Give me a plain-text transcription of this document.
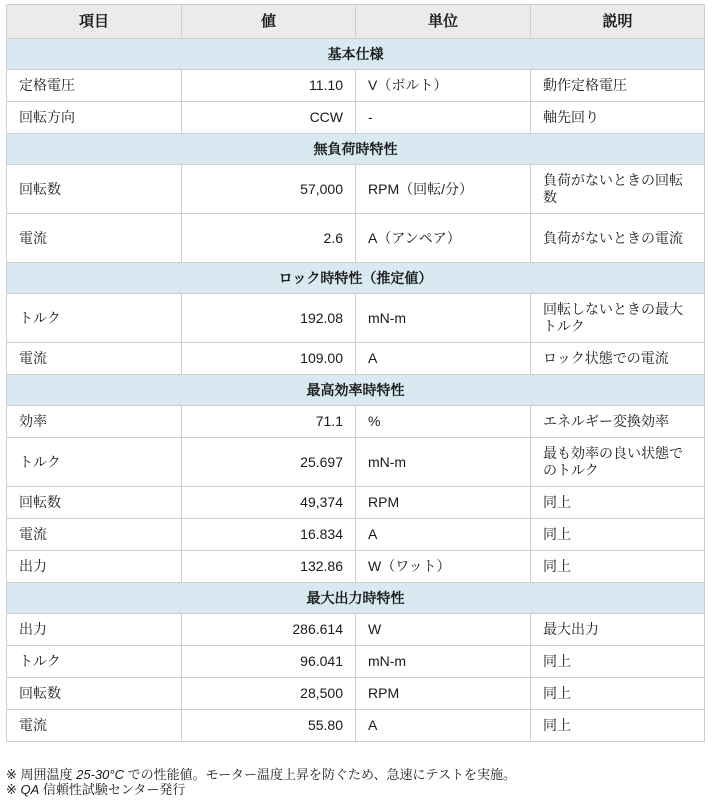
項目	値	単位	説明
基本仕様			
定格電圧	11.10	V（ボルト）	動作定格電圧
回転方向	CCW	-	軸先回り
無負荷時特性			
回転数	57,000	RPM（回転/分）	負荷がないときの回転数
電流	2.6	A（アンペア）	負荷がないときの電流
ロック時特性（推定値）			
トルク	192.08	mN-m	回転しないときの最大トルク
電流	109.00	A	ロック状態での電流
最高効率時特性			
効率	71.1	%	エネルギー変換効率
トルク	25.697	mN-m	最も効率の良い状態でのトルク
回転数	49,374	RPM	同上
電流	16.834	A	同上
出力	132.86	W（ワット）	同上
最大出力時特性			
出力	286.614	W	最大出力
トルク	96.041	mN-m	同上
回転数	28,500	RPM	同上
電流	55.80	A	同上
※ 周囲温度 25-30°C での性能値。モーター温度上昇を防ぐため、急速にテストを実施。
※ QA 信頼性試験センター発行
